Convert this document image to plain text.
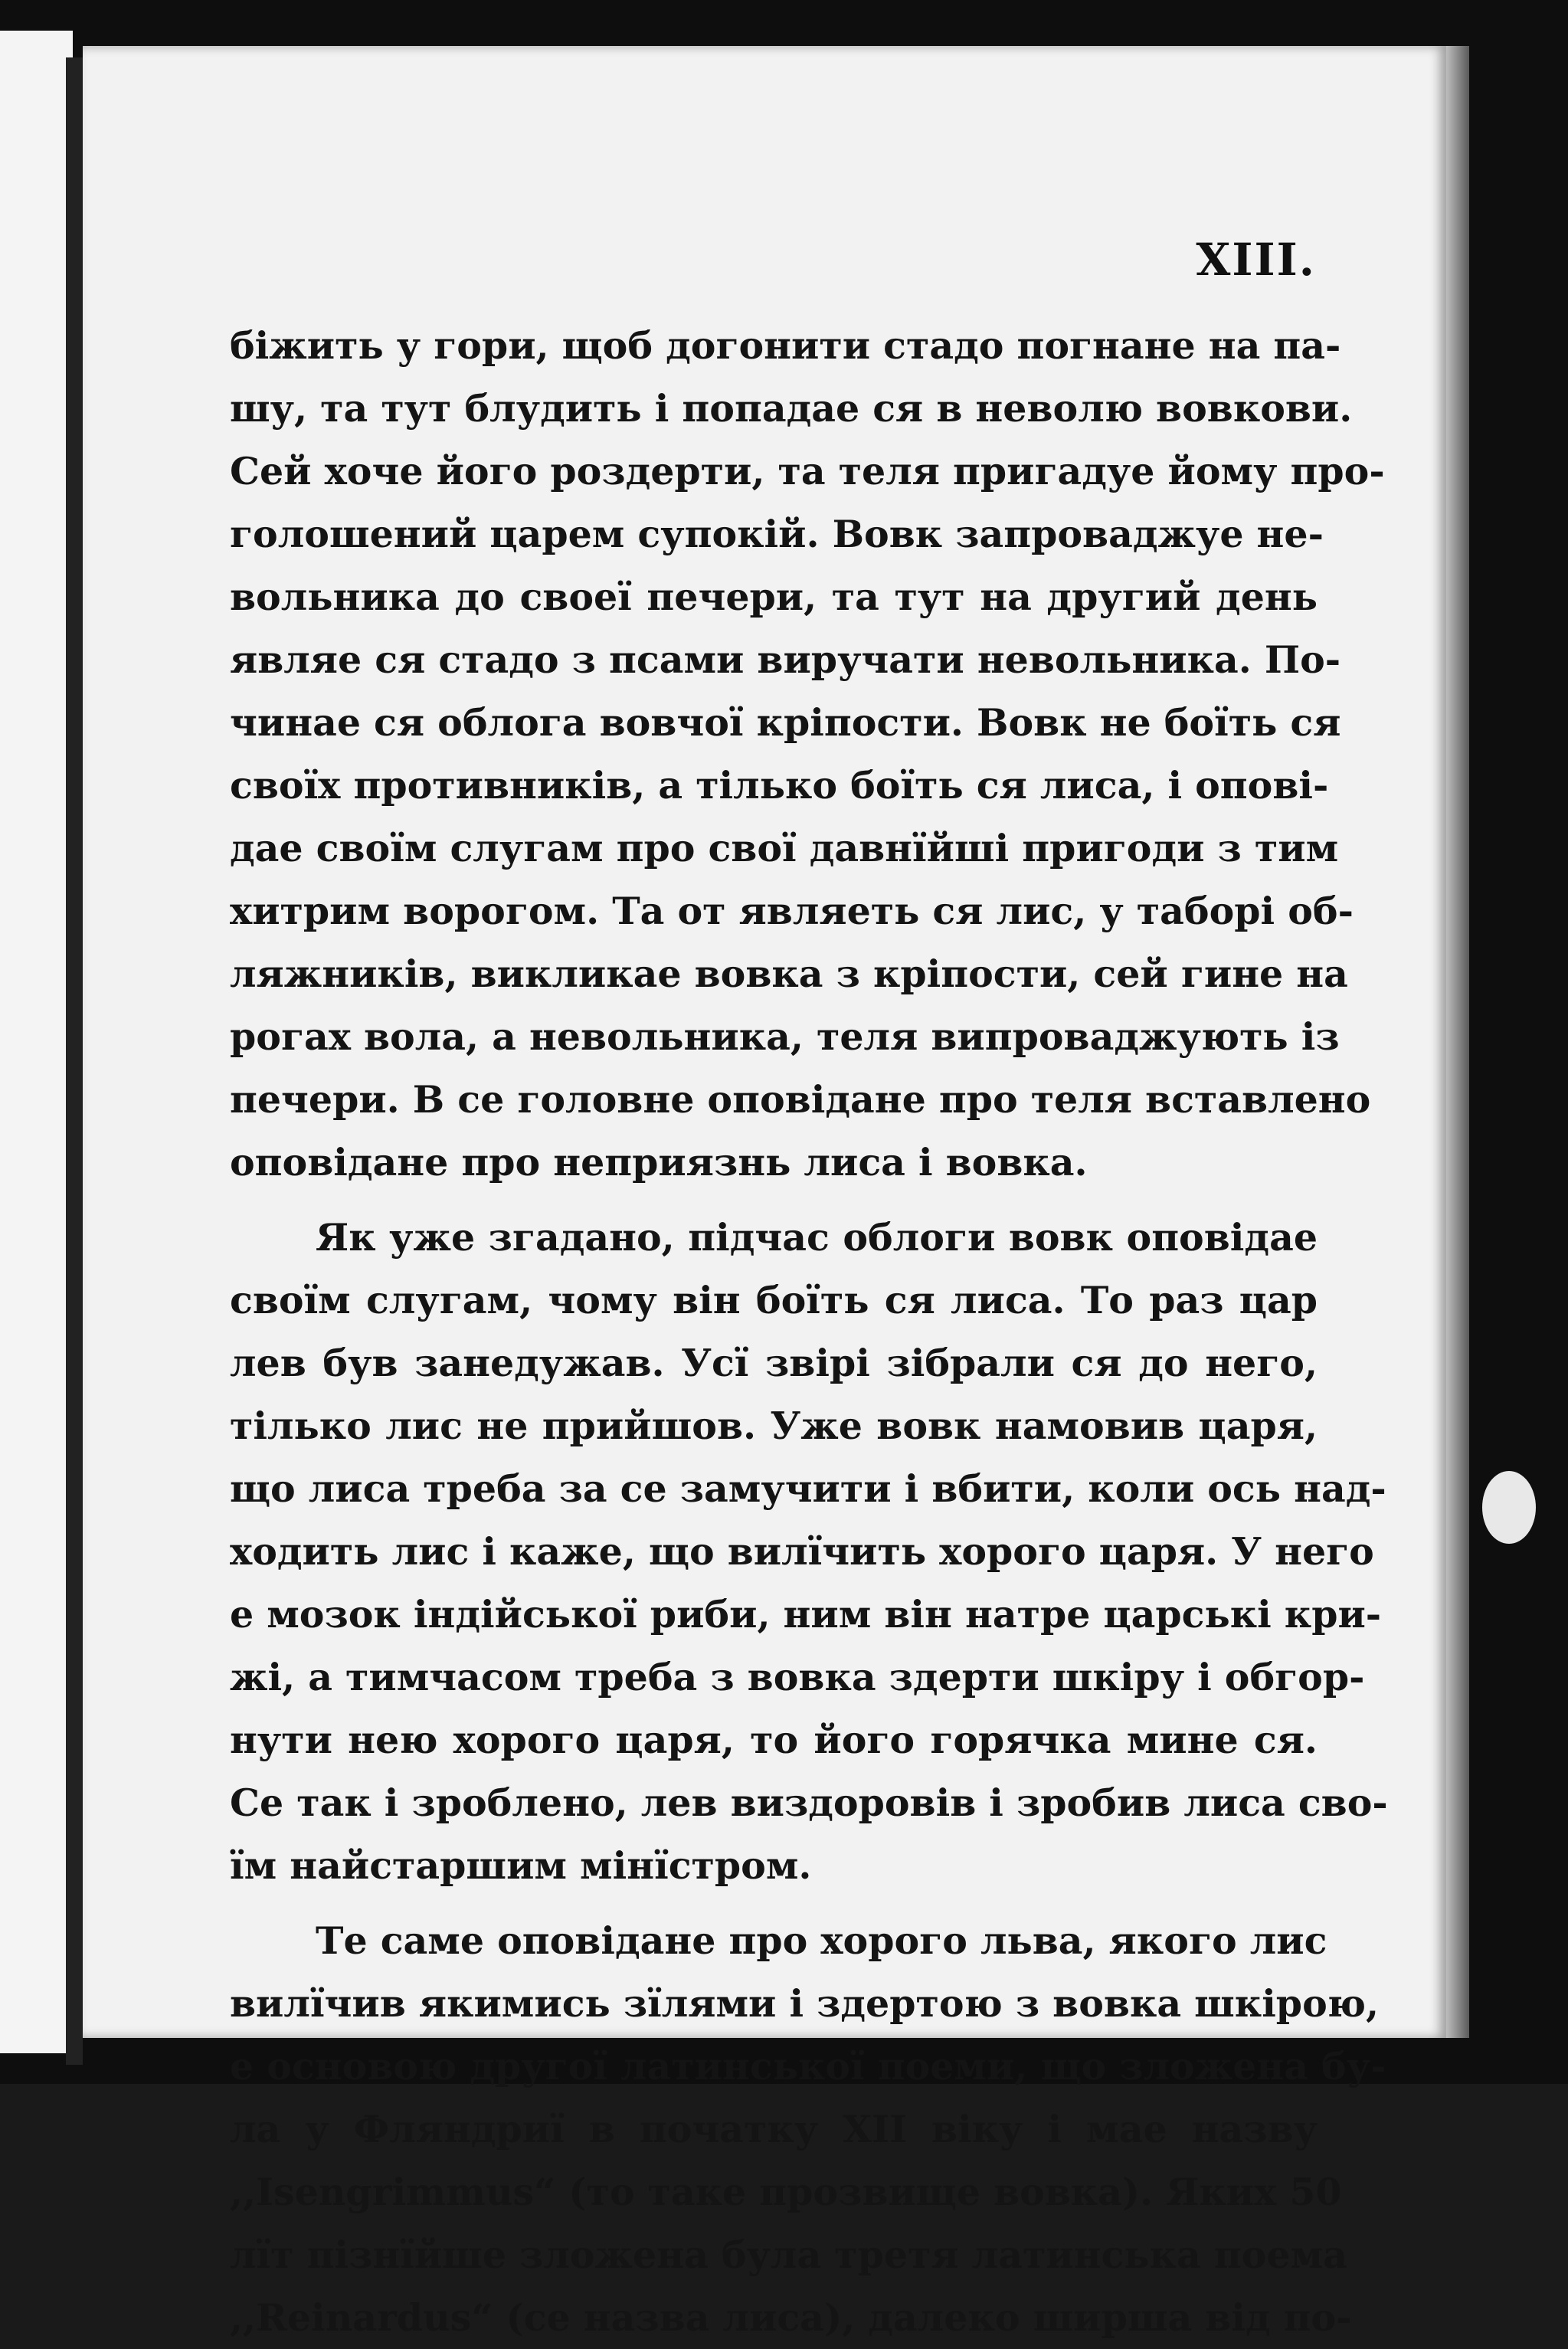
XIII.
біжить у гори, щоб догонити стадо погнане на па-
шу, та тут блудить і попадае ся в неволю вовкови.
Сей хоче його роздерти, та теля пригадуе йому про-
голошений царем супокій. Вовк запроваджуе не-
вольника до своеї печери, та тут на другий день
являе ся стадо з псами виручати невольника. По-
чинае ся облога вовчої кріпости. Вовк не боїть ся
своїх противників, а тілько боїть ся лиса, і опові-
дае своїм слугам про свої давнїйші пригоди з тим
хитрим ворогом. Та от являеть ся лис, у таборі об-
ляжників, викликае вовка з кріпости, сей гине на
рогах вола, а невольника, теля випроваджують із
печери. В се головне оповідане про теля вставлено
оповідане про неприязнь лиса і вовка.
Як уже згадано, підчас облоги вовк оповідае
своїм слугам, чому він боїть ся лиса. То раз цар
лев був занедужав. Усї звірі зібрали ся до него,
тілько лис не прийшов. Уже вовк намовив царя,
що лиса треба за се замучити і вбити, коли ось над-
ходить лис і каже, що вилїчить хорого царя. У него
е мозок індійської риби, ним він натре царські кри-
жі, а тимчасом треба з вовка здерти шкіру і обгор-
нути нею хорого царя, то його горячка мине ся.
Се так і зроблено, лев виздоровів і зробив лиса сво-
їм найстаршим мінїстром.
Те саме оповідане про хорого льва, якого лис
вилїчив якимись зїлями і здертою з вовка шкірою,
е основою другої латинської поеми, що зложена бу-
ла у Фляндриї в початку XII віку і мае назву
,,Isengrimmus“ (то таке прозвище вовка). Яких 50
лїт пізнїйше зложена була третя латинська поема
,,Reinardus“ (се назва лиса), далеко ширша від по-
